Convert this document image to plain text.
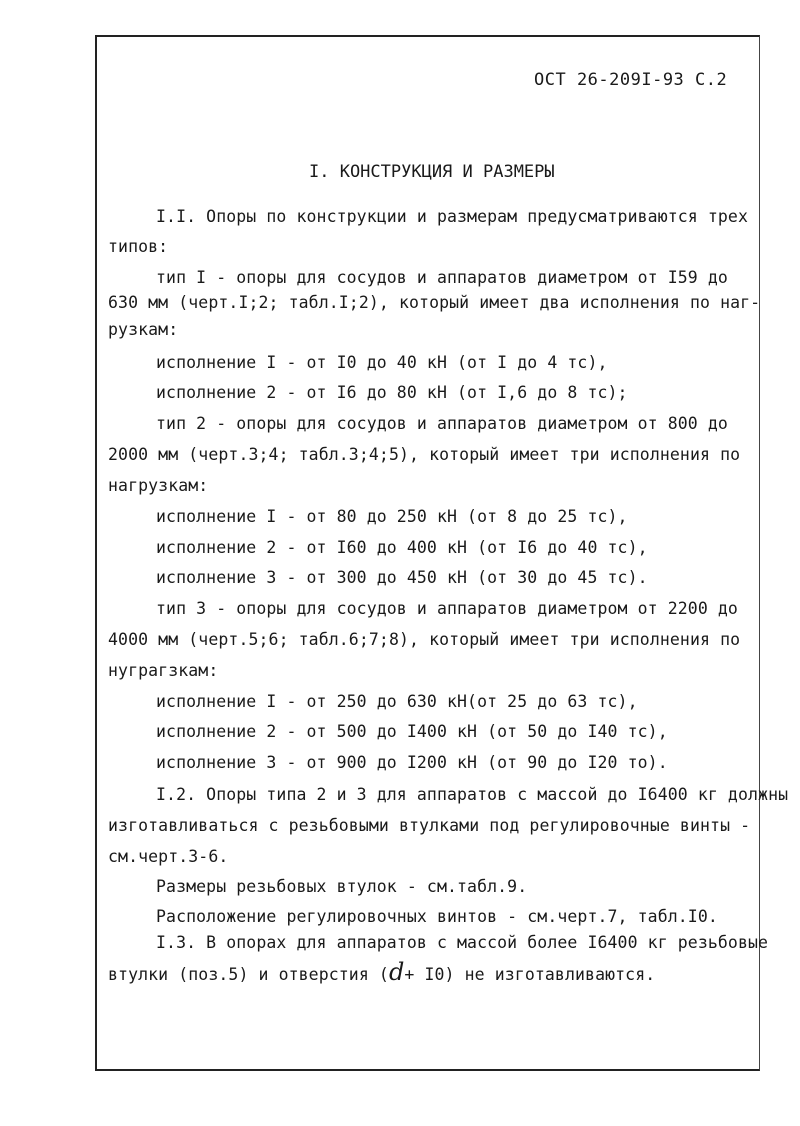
ОСТ 26-209I-93 С.2
I. КОНСТРУКЦИЯ И РАЗМЕРЫ
I.I. Опоры по конструкции и размерам предусматриваются трех
типов:
тип I - опоры для сосудов и аппаратов диаметром от I59 до
630 мм (черт.I;2; табл.I;2), который имеет два исполнения по наг-
рузкам:
исполнение I - от I0 до 40 кН (от I до 4 тс),
исполнение 2 - от I6 до 80 кН (от I,6 до 8 тс);
тип 2 - опоры для сосудов и аппаратов диаметром от 800 до
2000 мм (черт.3;4; табл.3;4;5), который имеет три исполнения по
нагрузкам:
исполнение I - от 80 до 250 кН (от 8 до 25 тс),
исполнение 2 - от I60 до 400 кН (от I6 до 40 тс),
исполнение 3 - от 300 до 450 кН (от 30 до 45 тс).
тип 3 - опоры для сосудов и аппаратов диаметром от 2200 до
4000 мм (черт.5;6; табл.6;7;8), который имеет три исполнения по
нуграгзкам:
исполнение I - от 250 до 630 кН(от 25 до 63 тс),
исполнение 2 - от 500 до I400 кН (от 50 до I40 тс),
исполнение 3 - от 900 до I200 кН (от 90 до I20 то).
I.2. Опоры типа 2 и 3 для аппаратов с массой до I6400 кг должны
изготавливаться с резьбовыми втулками под регулировочные винты -
см.черт.3-6.
Размеры резьбовых втулок - см.табл.9.
Расположение регулировочных винтов - см.черт.7, табл.I0.
I.3. В опорах для аппаратов с массой более I6400 кг резьбовые
втулки (поз.5) и отверстия (d+ I0) не изготавливаются.
